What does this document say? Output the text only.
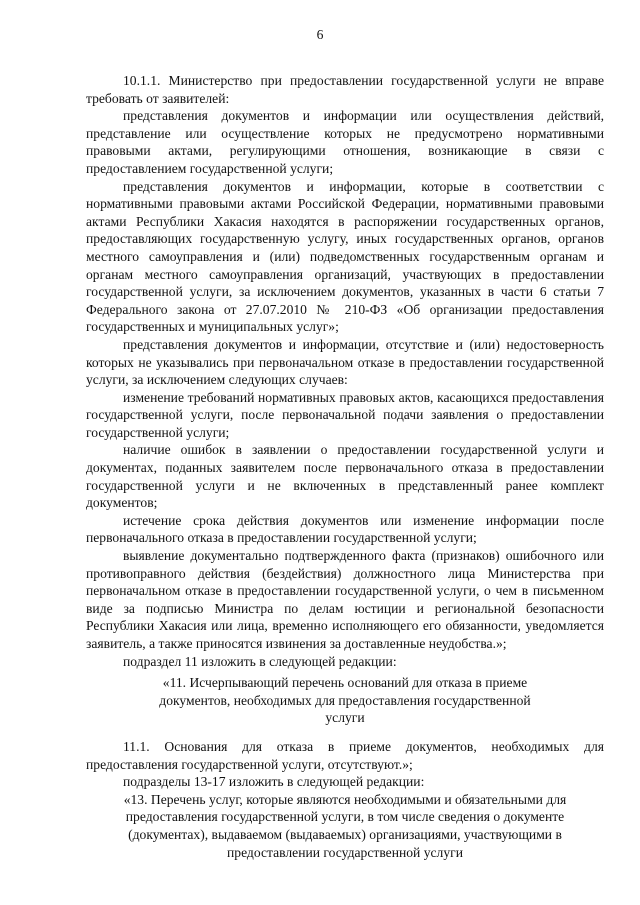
6

10.1.1. Министерство при предоставлении государственной услуги не вправе требовать от заявителей:

представления документов и информации или осуществления действий, представление или осуществление которых не предусмотрено нормативными правовыми актами, регулирующими отношения, возникающие в связи с предоставлением государственной услуги;

представления документов и информации, которые в соответствии с нормативными правовыми актами Российской Федерации, нормативными правовыми актами Республики Хакасия находятся в распоряжении государственных органов, предоставляющих государственную услугу, иных государственных органов, органов местного самоуправления и (или) подведомственных государственным органам и органам местного самоуправления организаций, участвующих в предоставлении государственной услуги, за исключением документов, указанных в части 6 статьи 7 Федерального закона от 27.07.2010 № 210-ФЗ «Об организации предоставления государственных и муниципальных услуг»;

представления документов и информации, отсутствие и (или) недостоверность которых не указывались при первоначальном отказе в предоставлении государственной услуги, за исключением следующих случаев:

изменение требований нормативных правовых актов, касающихся предоставления государственной услуги, после первоначальной подачи заявления о предоставлении государственной услуги;

наличие ошибок в заявлении о предоставлении государственной услуги и документах, поданных заявителем после первоначального отказа в предоставлении государственной услуги и не включенных в представленный ранее комплект документов;

истечение срока действия документов или изменение информации после первоначального отказа в предоставлении государственной услуги;

выявление документально подтвержденного факта (признаков) ошибочного или противоправного действия (бездействия) должностного лица Министерства при первоначальном отказе в предоставлении государственной услуги, о чем в письменном виде за подписью Министра по делам юстиции и региональной безопасности Республики Хакасия или лица, временно исполняющего его обязанности, уведомляется заявитель, а также приносятся извинения за доставленные неудобства.»;

подраздел 11 изложить в следующей редакции:

«11. Исчерпывающий перечень оснований для отказа в приеме документов, необходимых для предоставления государственной услуги

11.1. Основания для отказа в приеме документов, необходимых для предоставления государственной услуги, отсутствуют.»;

подразделы 13-17 изложить в следующей редакции:

«13. Перечень услуг, которые являются необходимыми и обязательными для предоставления государственной услуги, в том числе сведения о документе (документах), выдаваемом (выдаваемых) организациями, участвующими в предоставлении государственной услуги
